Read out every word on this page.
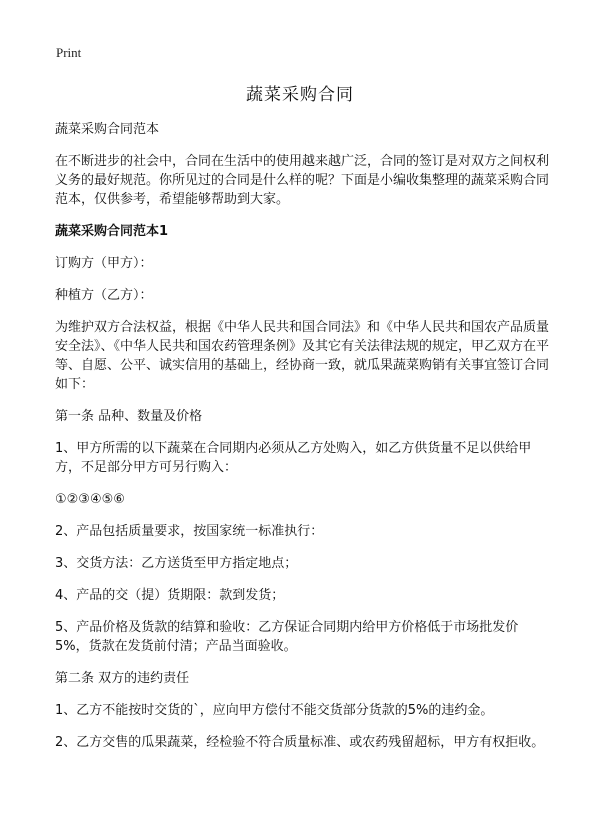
Print
蔬菜采购合同

蔬菜采购合同范本

在不断进步的社会中，合同在生活中的使用越来越广泛，合同的签订是对双方之间权利义务的最好规范。你所见过的合同是什么样的呢？下面是小编收集整理的蔬菜采购合同范本，仅供参考，希望能够帮助到大家。

蔬菜采购合同范本1

订购方（甲方）：

种植方（乙方）：

为维护双方合法权益，根据《中华人民共和国合同法》和《中华人民共和国农产品质量安全法》、《中华人民共和国农药管理条例》及其它有关法律法规的规定，甲乙双方在平等、自愿、公平、诚实信用的基础上，经协商一致，就瓜果蔬菜购销有关事宜签订合同如下：

第一条 品种、数量及价格

1、甲方所需的以下蔬菜在合同期内必须从乙方处购入，如乙方供货量不足以供给甲方，不足部分甲方可另行购入：

①②③④⑤⑥

2、产品包括质量要求，按国家统一标准执行：

3、交货方法：乙方送货至甲方指定地点；

4、产品的交（提）货期限：款到发货；

5、产品价格及货款的结算和验收：乙方保证合同期内给甲方价格低于市场批发价5%，货款在发货前付清；产品当面验收。

第二条 双方的违约责任

1、乙方不能按时交货的`，应向甲方偿付不能交货部分货款的5%的违约金。

2、乙方交售的瓜果蔬菜，经检验不符合质量标准、或农药残留超标，甲方有权拒收。
